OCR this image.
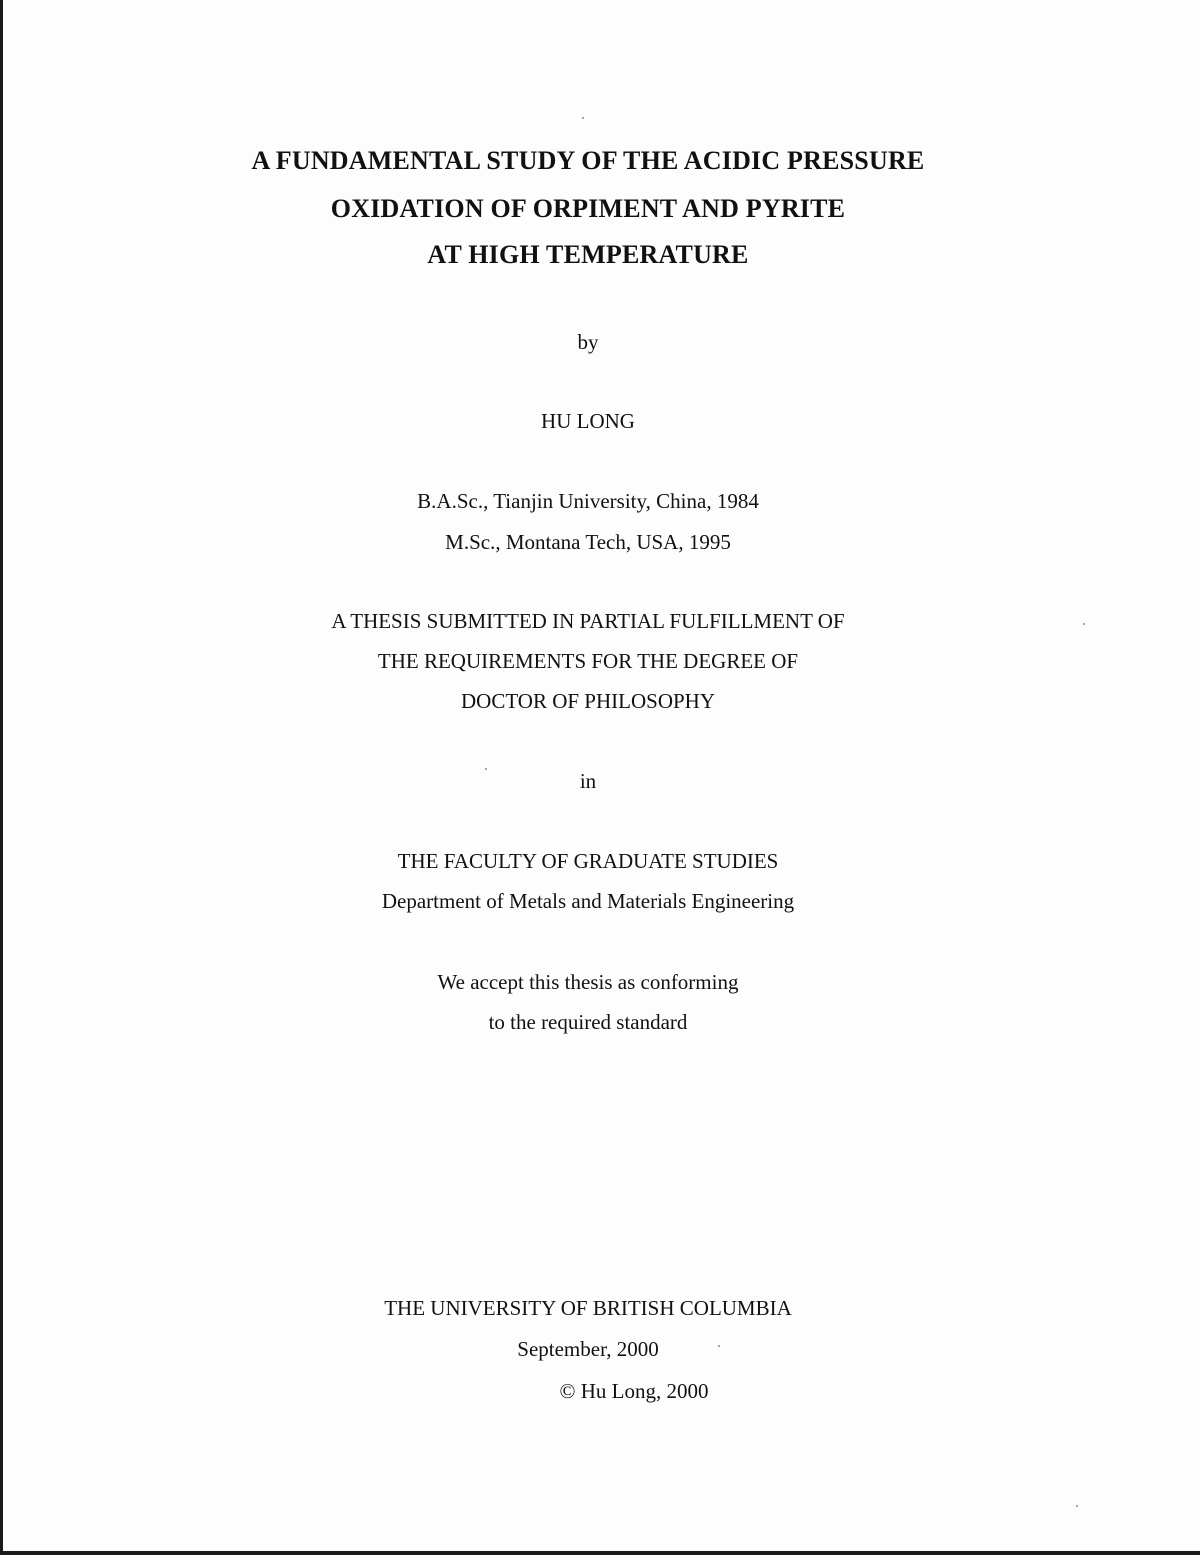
A FUNDAMENTAL STUDY OF THE ACIDIC PRESSURE
OXIDATION OF ORPIMENT AND PYRITE
AT HIGH TEMPERATURE
by
HU LONG
B.A.Sc., Tianjin University, China, 1984
M.Sc., Montana Tech, USA, 1995
A THESIS SUBMITTED IN PARTIAL FULFILLMENT OF
THE REQUIREMENTS FOR THE DEGREE OF
DOCTOR OF PHILOSOPHY
in
THE FACULTY OF GRADUATE STUDIES
Department of Metals and Materials Engineering
We accept this thesis as conforming
to the required standard
THE UNIVERSITY OF BRITISH COLUMBIA
September, 2000
© Hu Long, 2000
